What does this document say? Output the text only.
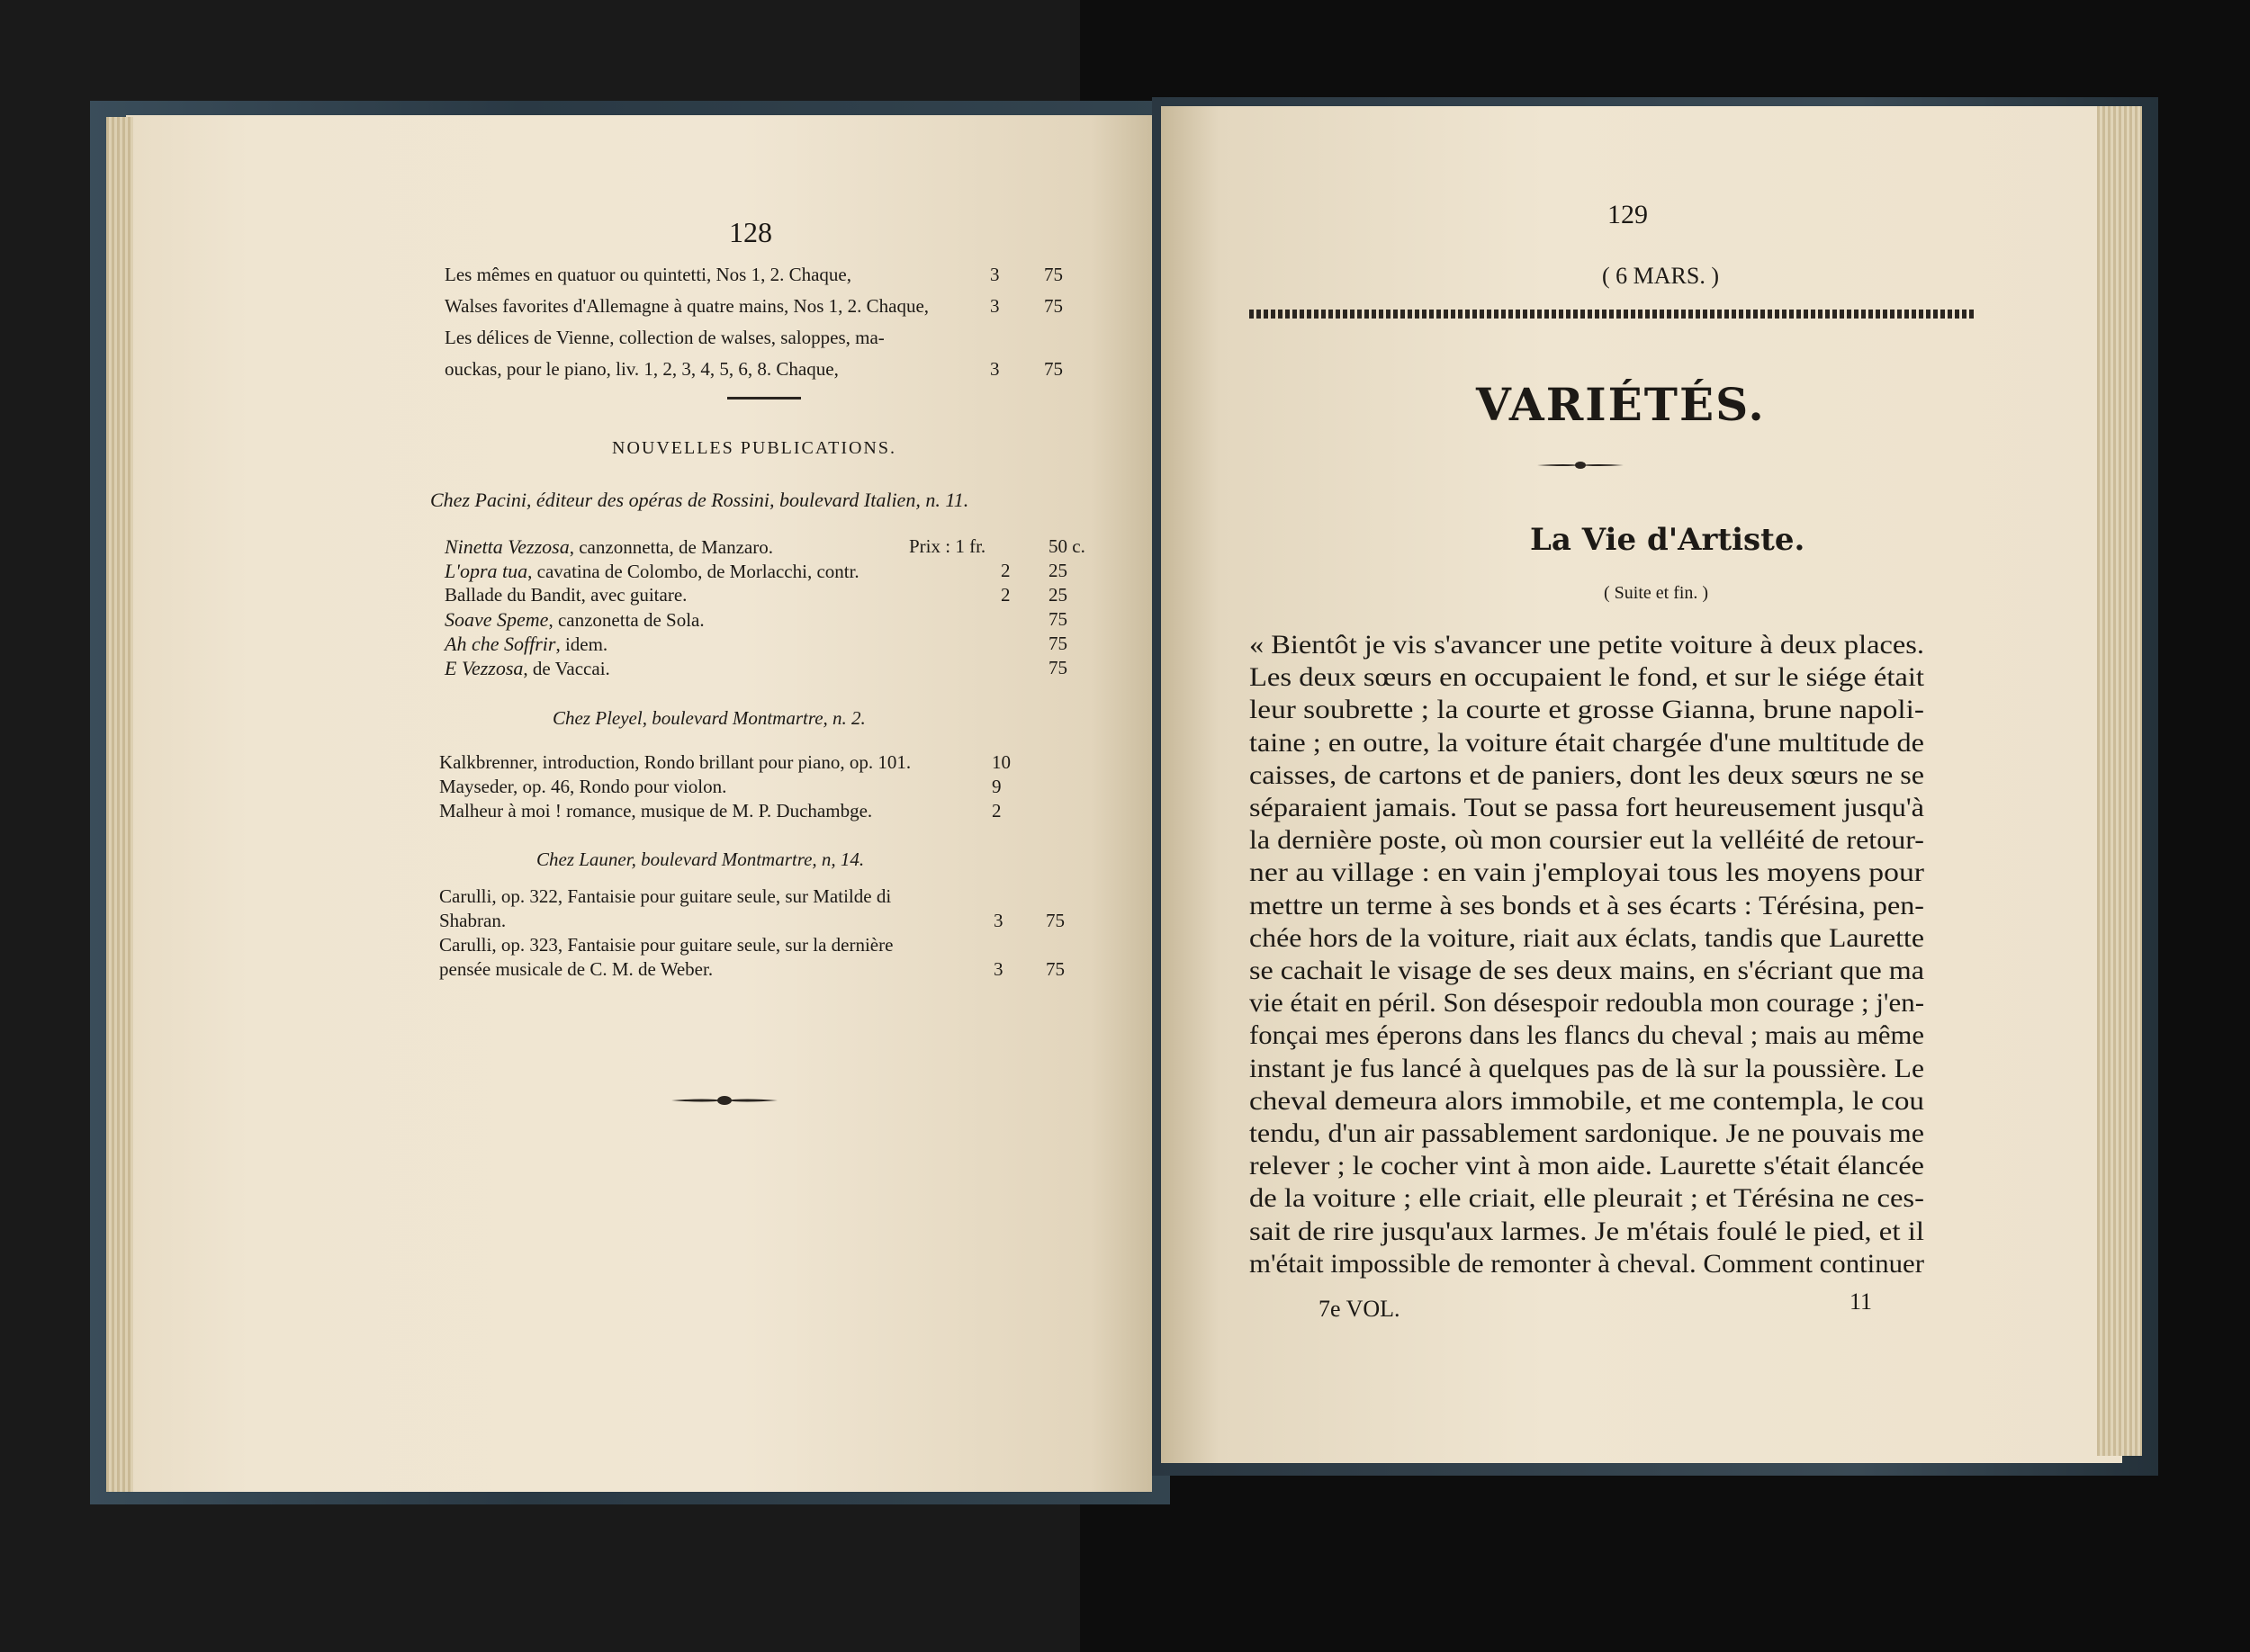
128
Les mêmes en quatuor ou quintetti, Nos 1, 2. Chaque,	3 75
Walses favorites d'Allemagne à quatre mains, Nos 1, 2. Chaque,	3 75
Les délices de Vienne, collection de walses, saloppes, ma-
ouckas, pour le piano, liv. 1, 2, 3, 4, 5, 6, 8. Chaque,	3 75
NOUVELLES PUBLICATIONS.
Chez Pacini, éditeur des opéras de Rossini, boulevard Italien, n. 11.
Ninetta Vezzosa, canzonnetta, de Manzaro.	Prix : 1 fr.	50 c.
L'opra tua, cavatina de Colombo, de Morlacchi, contr.	2 25
Ballade du Bandit, avec guitare.	2 25
Soave Speme, canzonetta de Sola.	75
Ah che Soffrir, idem.	75
E Vezzosa, de Vaccai.	75
Chez Pleyel, boulevard Montmartre, n. 2.
Kalkbrenner, introduction, Rondo brillant pour piano, op. 101.	10
Mayseder, op. 46, Rondo pour violon.	9
Malheur à moi ! romance, musique de M. P. Duchambge.	2
Chez Launer, boulevard Montmartre, n, 14.
Carulli, op. 322, Fantaisie pour guitare seule, sur Matilde di
Shabran.	3 75
Carulli, op. 323, Fantaisie pour guitare seule, sur la dernière
pensée musicale de C. M. de Weber.	3 75
129
( 6 MARS. )
VARIÉTÉS.
La Vie d'Artiste.
( Suite et fin. )
« Bientôt je vis s'avancer une petite voiture à deux places.
Les deux sœurs en occupaient le fond, et sur le siége était
leur soubrette ; la courte et grosse Gianna, brune napoli-
taine ; en outre, la voiture était chargée d'une multitude de
caisses, de cartons et de paniers, dont les deux sœurs ne se
séparaient jamais. Tout se passa fort heureusement jusqu'à
la dernière poste, où mon coursier eut la velléité de retour-
ner au village : en vain j'employai tous les moyens pour
mettre un terme à ses bonds et à ses écarts : Térésina, pen-
chée hors de la voiture, riait aux éclats, tandis que Laurette
se cachait le visage de ses deux mains, en s'écriant que ma
vie était en péril. Son désespoir redoubla mon courage ; j'en-
fonçai mes éperons dans les flancs du cheval ; mais au même
instant je fus lancé à quelques pas de là sur la poussière. Le
cheval demeura alors immobile, et me contempla, le cou
tendu, d'un air passablement sardonique. Je ne pouvais me
relever ; le cocher vint à mon aide. Laurette s'était élancée
de la voiture ; elle criait, elle pleurait ; et Térésina ne ces-
sait de rire jusqu'aux larmes. Je m'étais foulé le pied, et il
m'était impossible de remonter à cheval. Comment continuer
7e VOL.	11
